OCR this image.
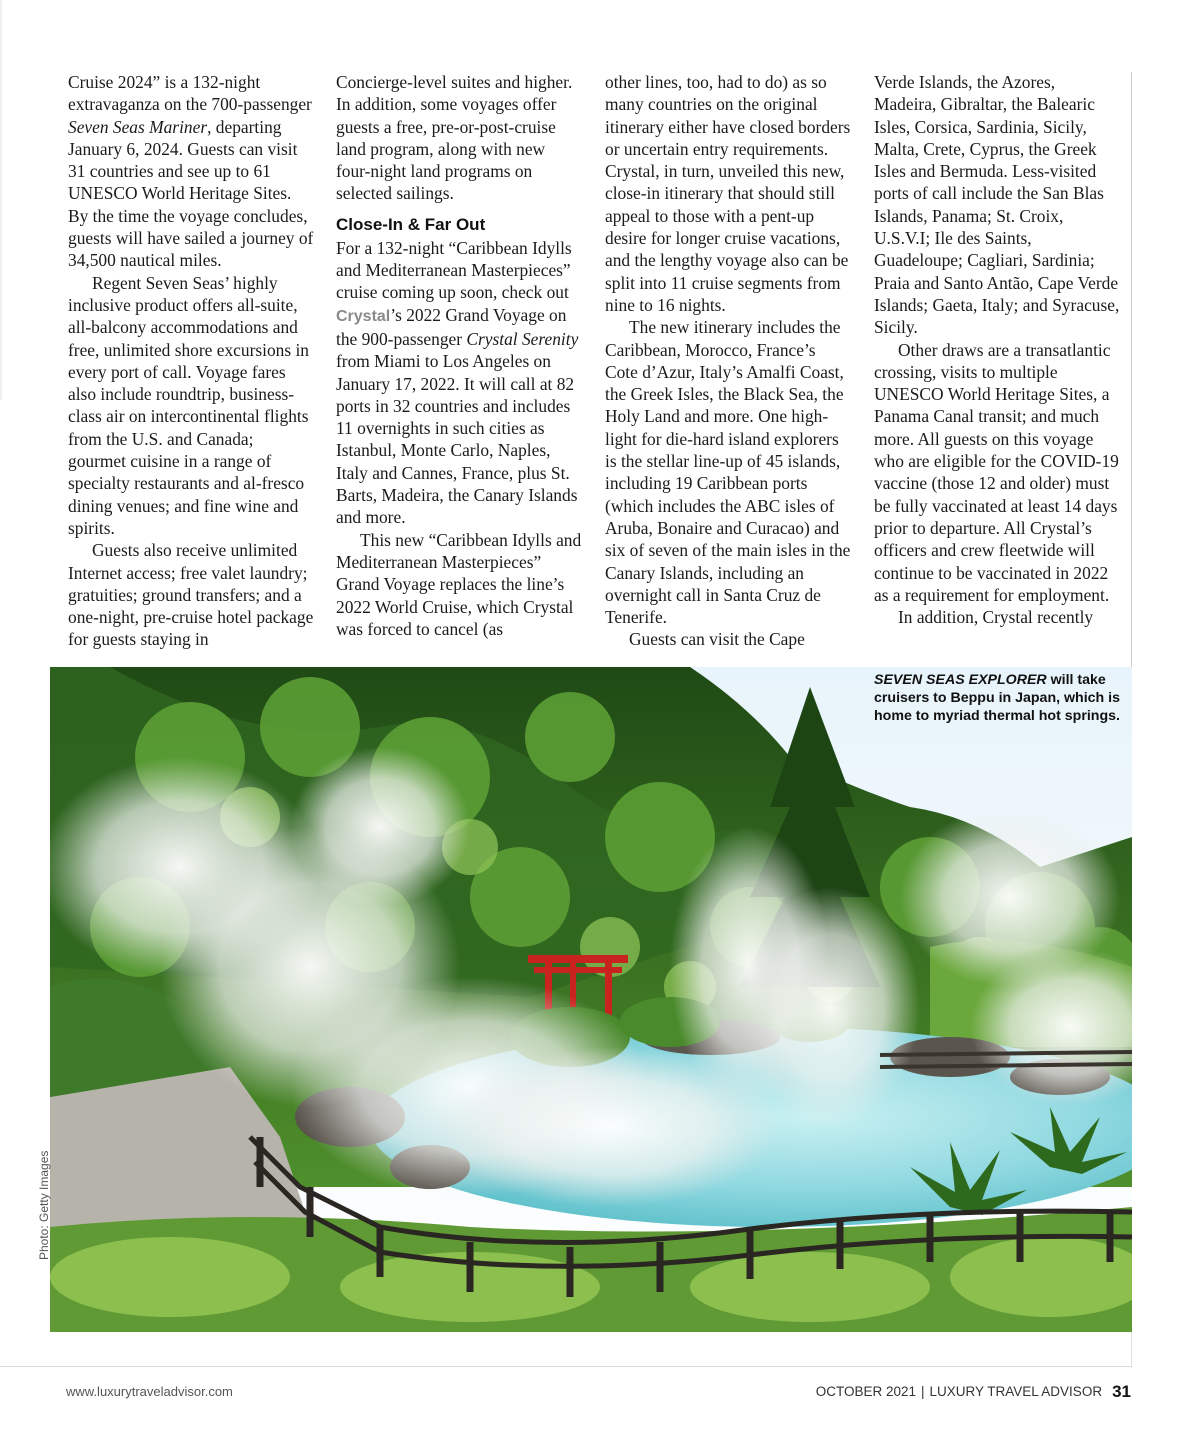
Cruise 2024” is a 132-night extravaganza on the 700-passenger Seven Seas Mariner, departing January 6, 2024. Guests can visit 31 countries and see up to 61 UNESCO World Heritage Sites. By the time the voyage concludes, guests will have sailed a journey of 34,500 nautical miles.

Regent Seven Seas’ highly inclusive product offers all-suite, all-balcony accommodations and free, unlimited shore excursions in every port of call. Voyage fares also include roundtrip, business-class air on intercontinental flights from the U.S. and Canada; gourmet cuisine in a range of specialty restaurants and al-fresco dining venues; and fine wine and spirits.

Guests also receive unlimited Internet access; free valet laundry; gratuities; ground transfers; and a one-night, pre-cruise hotel package for guests staying in

Concierge-level suites and higher. In addition, some voyages offer guests a free, pre-or-post-cruise land program, along with new four-night land programs on selected sailings.

Close-In & Far Out

For a 132-night “Caribbean Idylls and Mediterranean Masterpieces” cruise coming up soon, check out Crystal’s 2022 Grand Voyage on the 900-passenger Crystal Serenity from Miami to Los Angeles on January 17, 2022. It will call at 82 ports in 32 countries and includes 11 overnights in such cities as Istanbul, Monte Carlo, Naples, Italy and Cannes, France, plus St. Barts, Madeira, the Canary Islands and more.

This new “Caribbean Idylls and Mediterranean Masterpieces” Grand Voyage replaces the line’s 2022 World Cruise, which Crystal was forced to cancel (as

other lines, too, had to do) as so many countries on the original itinerary either have closed borders or uncertain entry requirements. Crystal, in turn, unveiled this new, close-in itinerary that should still appeal to those with a pent-up desire for longer cruise vacations, and the lengthy voyage also can be split into 11 cruise segments from nine to 16 nights.

The new itinerary includes the Caribbean, Morocco, France’s Cote d’Azur, Italy’s Amalfi Coast, the Greek Isles, the Black Sea, the Holy Land and more. One highlight for die-hard island explorers is the stellar line-up of 45 islands, including 19 Caribbean ports (which includes the ABC isles of Aruba, Bonaire and Curacao) and six of seven of the main isles in the Canary Islands, including an overnight call in Santa Cruz de Tenerife.

Guests can visit the Cape

Verde Islands, the Azores, Madeira, Gibraltar, the Balearic Isles, Corsica, Sardinia, Sicily, Malta, Crete, Cyprus, the Greek Isles and Bermuda. Less-visited ports of call include the San Blas Islands, Panama; St. Croix, U.S.V.I; Ile des Saints, Guadeloupe; Cagliari, Sardinia; Praia and Santo Antão, Cape Verde Islands; Gaeta, Italy; and Syracuse, Sicily.

Other draws are a transatlantic crossing, visits to multiple UNESCO World Heritage Sites, a Panama Canal transit; and much more. All guests on this voyage who are eligible for the COVID-19 vaccine (those 12 and older) must be fully vaccinated at least 14 days prior to departure. All Crystal’s officers and crew fleetwide will continue to be vaccinated in 2022 as a requirement for employment.

In addition, Crystal recently

SEVEN SEAS EXPLORER will take cruisers to Beppu in Japan, which is home to myriad thermal hot springs.
Photo: Getty Images
www.luxurytraveladvisor.com	OCTOBER 2021 | LUXURY TRAVEL ADVISOR 31
